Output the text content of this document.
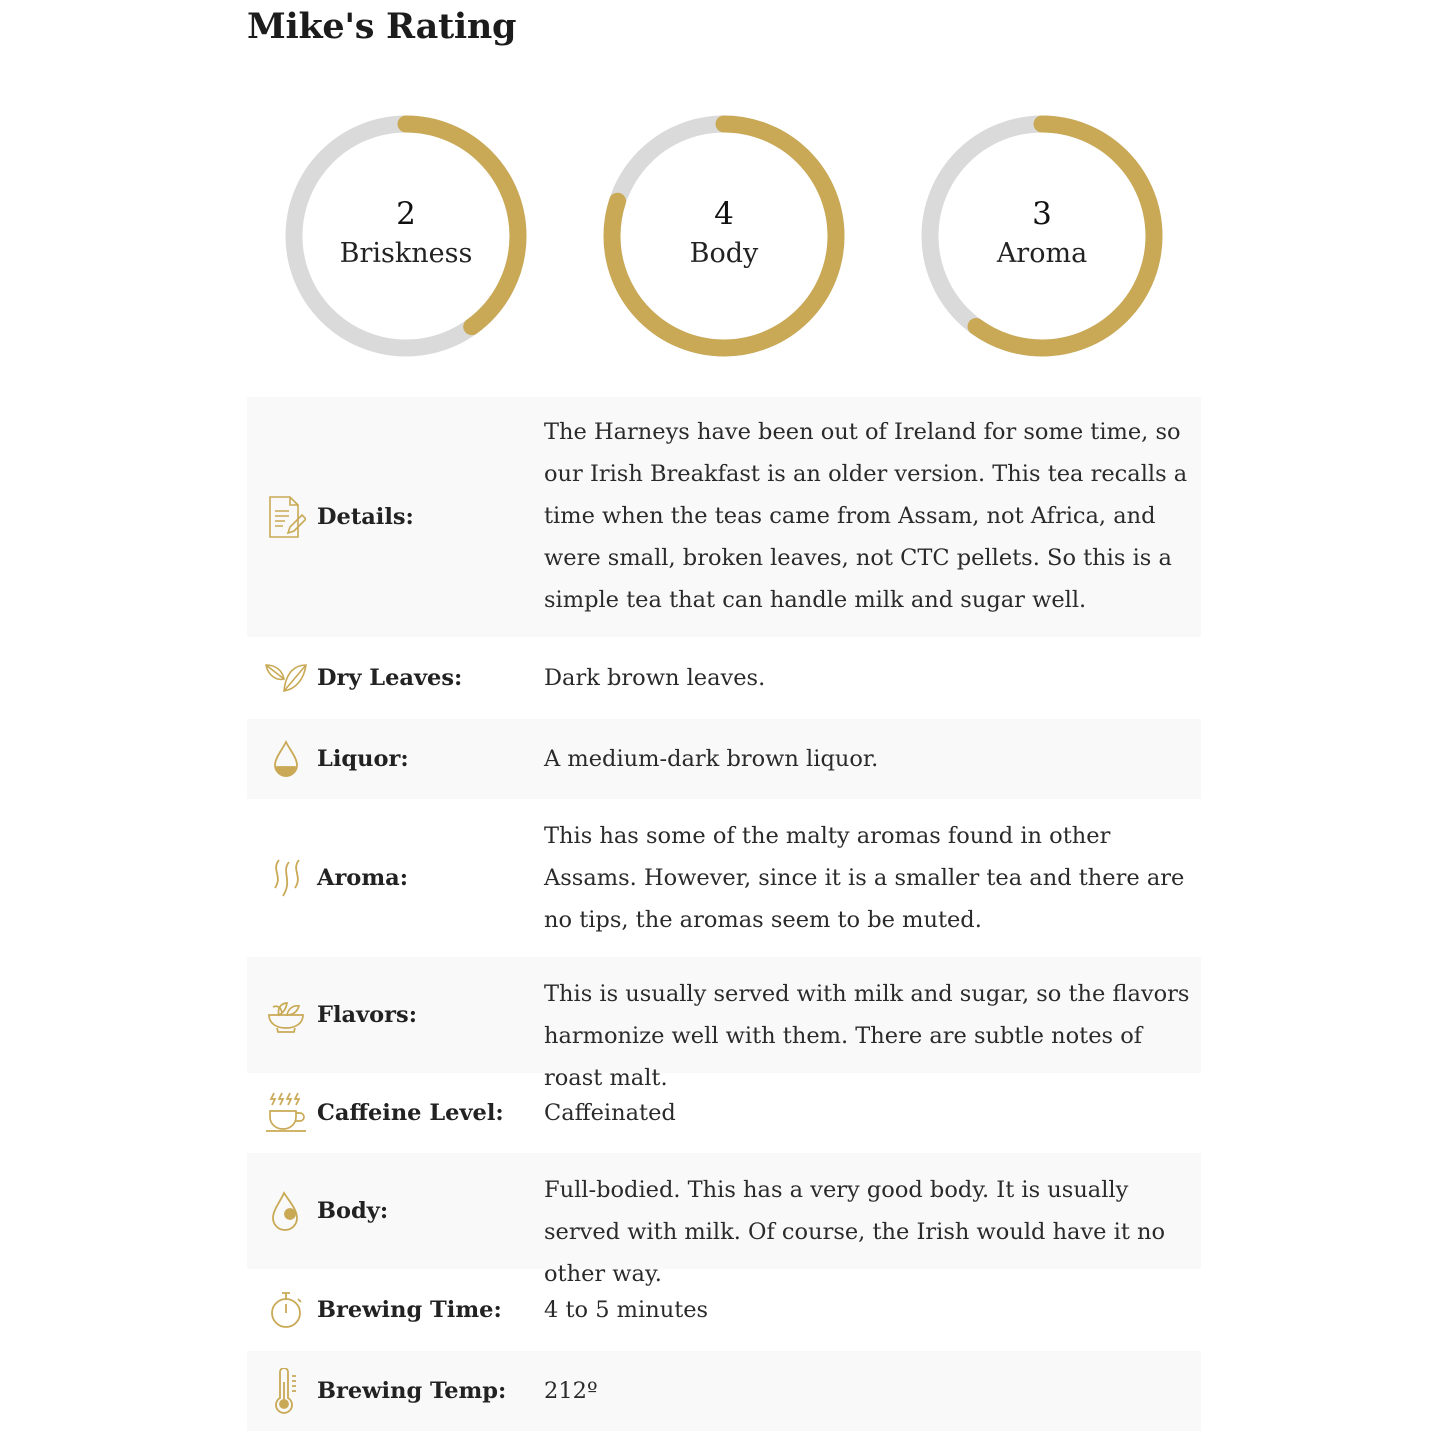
Mike's Rating
2
Briskness
4
Body
3
Aroma
Details:
The Harneys have been out of Ireland for some time, so our Irish Breakfast is an older version. This tea recalls a time when the teas came from Assam, not Africa, and were small, broken leaves, not CTC pellets. So this is a simple tea that can handle milk and sugar well.
Dry Leaves:	Dark brown leaves.
Liquor:	A medium-dark brown liquor.
Aroma:
This has some of the malty aromas found in other Assams. However, since it is a smaller tea and there are no tips, the aromas seem to be muted.
Flavors:
This is usually served with milk and sugar, so the flavors harmonize well with them. There are subtle notes of roast malt.
Caffeine Level: Caffeinated
Body:
Full-bodied. This has a very good body. It is usually served with milk. Of course, the Irish would have it no other way.
Brewing Time: 4 to 5 minutes
Brewing Temp: 212º
